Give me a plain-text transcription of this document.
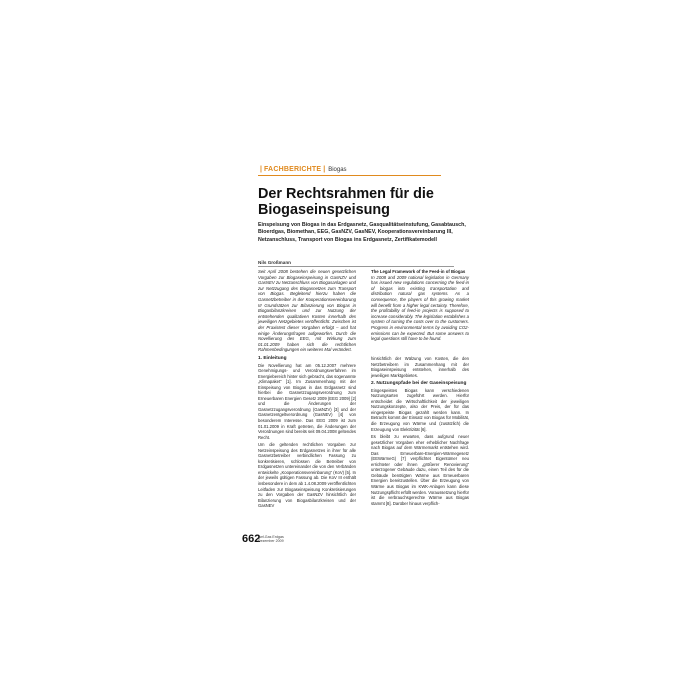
| FACHBERICHTE | Biogas
Der Rechtsrahmen für die Biogaseinspeisung
Einspeisung von Biogas in das Erdgasnetz, Gasqualitätseinstufung, Gasabtausch, Bioerdgas, Biomethan, EEG, GasNZV, GasNEV, Kooperationsvereinbarung III, Netzanschluss, Transport von Biogas ins Erdgasnetz, Zertifikatemodell
Nils Großmann
Seit April 2008 bestehen die neuen gesetzlichen Vorgaben zur Biogaseinspeisung in GasNZV und GasNEV zu Netzanschluss von Biogasanlagen und zur Netzzugang des Biogasnetzes zum Transport von Biogas. Begleitend hierzu haben die Gasnetzbetreiber in der Kooperationsvereinbarung III Grundsätzen zur Bilanzierung von Biogas in Biogasbilanzkreisen und zur Nutzung der entstehenden qualitativen Kosten innerhalb des jeweiligen Netzgebietes veröffentlicht. Zwischen ist der Praxistest dieser Vorgaben erfolgt – und hat einige Änderungsfragen aufgeworfen. Durch die Novellierung des EEG, mit Wirkung zum 01.01.2009 haben sich die rechtlichen Rahmenbedingungen ein weiteres Mal verändert.
The Legal Framework of the Feed-in of Biogas
In 2008 and 2009 national legislation in Germany has issued new regulations concerning the feed-in of biogas into existing transportation and distribution natural gas systems. As a consequence, the players of this growing market will benefit from a higher legal certainty. Therefore, the profitability of feed-in projects is supposed to increase considerably. The legislation establishes a system of turning the costs over to the customers. Progress in environmental terms by avoiding CO2-emissions can be expected. But some answers to legal questions still have to be found.
1. Einleitung
Die Novellierung hat am 05.12.2007 mehrere Genehmigungs- und Verordnungsverfahren im Energiebereich hinter sich gebracht, das sogenannte „Klimapaket“ [1]. Im Zusammenhang mit der Einspeisung von Biogas in das Erdgasnetz sind hierbei die Gasnetzzugangsverordnung zum Erneuerbaren Energien Gesetz 2009 (EEG 2009) [2] und die Änderungen der Gasnetzzugangsverordnung (GasNZV) [3] und der Gasnetzentgeltverordnung (GasNEV) [4] von besonderem Interesse. Das EEG 2009 ist zum 01.01.2009 in Kraft getreten, die Änderungen der Verordnungen sind bereits seit 09.04.2008 geltendes Recht.
Um die geltenden rechtlichen Vorgaben zur Netzeinspeisung des Erdgasnetzes in ihrer für alle Gasnetzbetreiber verbindlichen Fassung zu konkretisieren, schlossen die Betreiber von Erdgasnetzen untereinander die von den Verbänden entwickelte „Kooperationsvereinbarung“ (KoV) [5]. In der jeweils gültigen Fassung ab. Die KoV III enthält insbesondere in dem ab 1.4.08.2009 veröffentlichten Leitfaden zur Biogaseinspeisung Konkretisierungen zu den Vorgaben der GasNZV hinsichtlich der Bilanzierung von Biogasbilanzkreisen und der GasNEV
hinsichtlich der Wälzung von Kosten, die den Netzbetreibern im Zusammenhang mit der Biogaseinspeisung entstehen, innerhalb des jeweiligen Marktgebietes.
2. Nutzungspfade bei der Gaseinspeisung
Eingespeistes Biogas kann verschiedenen Nutzungsarten zugeführt werden. Hierfür entscheidet die Wirtschaftlichkeit der jeweiligen Nutzungskonzepte, also der Preis, der für das eingespeiste Biogas gezahlt werden kann. In Betracht kommt der Einsatz von Biogas für Mobilität, die Erzeugung von Wärme und (zusätzlich) die Erzeugung von Elektrizität [6].
Es bleibt zu erwarten, dass aufgrund neuer gesetzlicher Vorgaben eher erheblicher Nachfrage nach Biogas auf dem Wärmemarkt entstehen wird. Das Erneuerbare-Energien-Wärmegesetz (EEWärmeG) [7] verpflichtet Eigentümer neu errichteter oder ihnen „größerer Renovierung“ unterzogener Gebäude dazu, einen Teil des für die Gebäude benötigten Wärme aus Erneuerbaren Energien bereitzustellen. Über die Erzeugung von Wärme aus Biogas im KWK-Anlagen kann diese Nutzungspflicht erfüllt werden. Voraussetzung hierfür ist die verbrauchsgerechte Wärme aus Biogas stammt [8]. Darüber hinaus verpflich-
662
gwf-Gas Erdgas
Dezember 2009
